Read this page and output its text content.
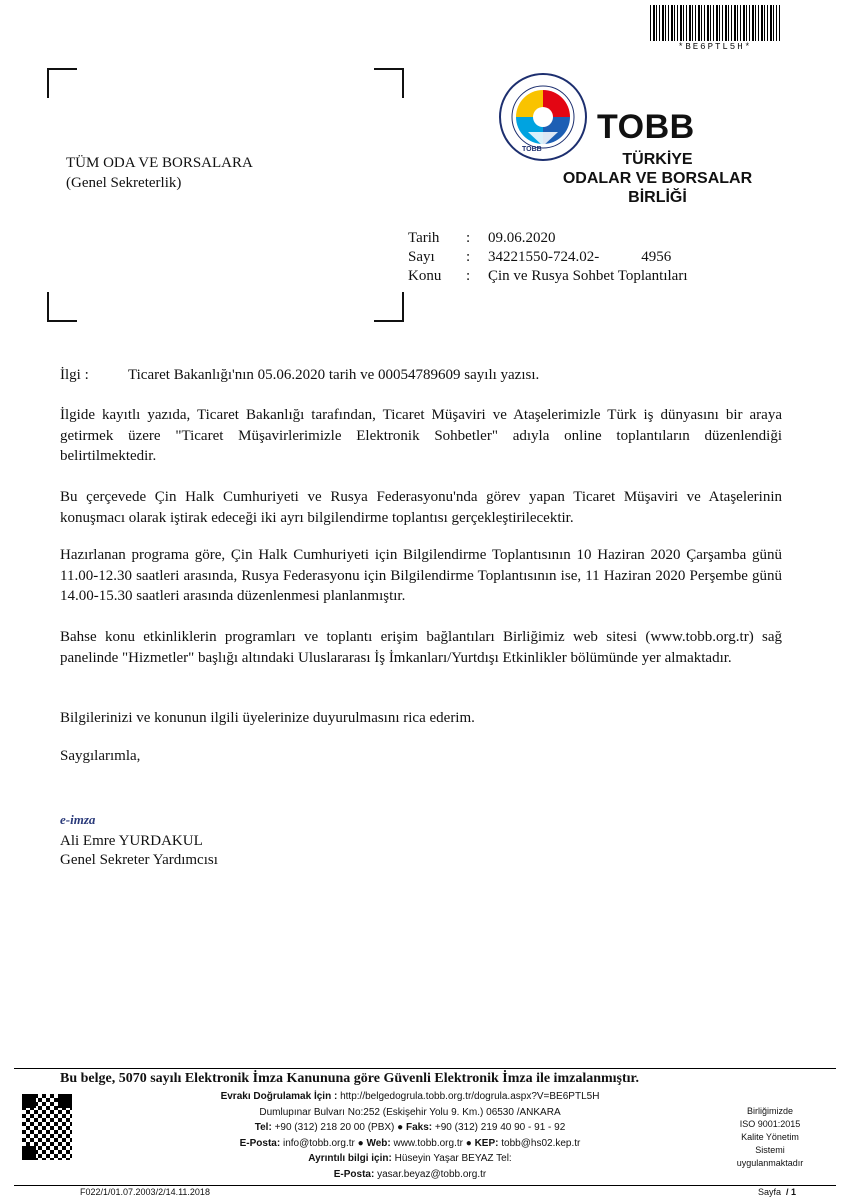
*BE6PTL5H*
TÜM ODA VE BORSALARA
(Genel Sekreterlik)
TOBB
TOBB
TÜRKİYE
ODALAR VE BORSALAR
BİRLİĞİ
Tarih	:	09.06.2020
Sayı	:	34221550-724.02- 4956
Konu	:	Çin ve Rusya Sohbet Toplantıları
İlgi :	Ticaret Bakanlığı'nın 05.06.2020 tarih ve 00054789609 sayılı yazısı.
İlgide kayıtlı yazıda, Ticaret Bakanlığı tarafından, Ticaret Müşaviri ve Ataşelerimizle Türk iş dünyasını bir araya getirmek üzere "Ticaret Müşavirlerimizle Elektronik Sohbetler" adıyla online toplantıların düzenlendiği belirtilmektedir.
Bu çerçevede Çin Halk Cumhuriyeti ve Rusya Federasyonu'nda görev yapan Ticaret Müşaviri ve Ataşelerinin konuşmacı olarak iştirak edeceği iki ayrı bilgilendirme toplantısı gerçekleştirilecektir.
Hazırlanan programa göre, Çin Halk Cumhuriyeti için Bilgilendirme Toplantısının 10 Haziran 2020 Çarşamba günü 11.00-12.30 saatleri arasında, Rusya Federasyonu için Bilgilendirme Toplantısının ise, 11 Haziran 2020 Perşembe günü 14.00-15.30 saatleri arasında düzenlenmesi planlanmıştır.
Bahse konu etkinliklerin programları ve toplantı erişim bağlantıları Birliğimiz web sitesi (www.tobb.org.tr) sağ panelinde "Hizmetler" başlığı altındaki Uluslararası İş İmkanları/Yurtdışı Etkinlikler bölümünde yer almaktadır.
Bilgilerinizi ve konunun ilgili üyelerinize duyurulmasını rica ederim.
Saygılarımla,
e-imza
Ali Emre YURDAKUL
Genel Sekreter Yardımcısı
Bu belge, 5070 sayılı Elektronik İmza Kanununa göre Güvenli Elektronik İmza ile imzalanmıştır.
Evrakı Doğrulamak İçin : http://belgedogrula.tobb.org.tr/dogrula.aspx?V=BE6PTL5H
Dumlupınar Bulvarı No:252 (Eskişehir Yolu 9. Km.) 06530 /ANKARA
Tel: +90 (312) 218 20 00 (PBX) ● Faks: +90 (312) 219 40 90 - 91 - 92
E-Posta: info@tobb.org.tr ● Web: www.tobb.org.tr ● KEP: tobb@hs02.kep.tr
Ayrıntılı bilgi için: Hüseyin Yaşar BEYAZ Tel:
E-Posta: yasar.beyaz@tobb.org.tr
Birliğimizde
ISO 9001:2015
Kalite Yönetim
Sistemi
uygulanmaktadır
F022/1/01.07.2003/2/14.11.2018	Sayfa / 1
